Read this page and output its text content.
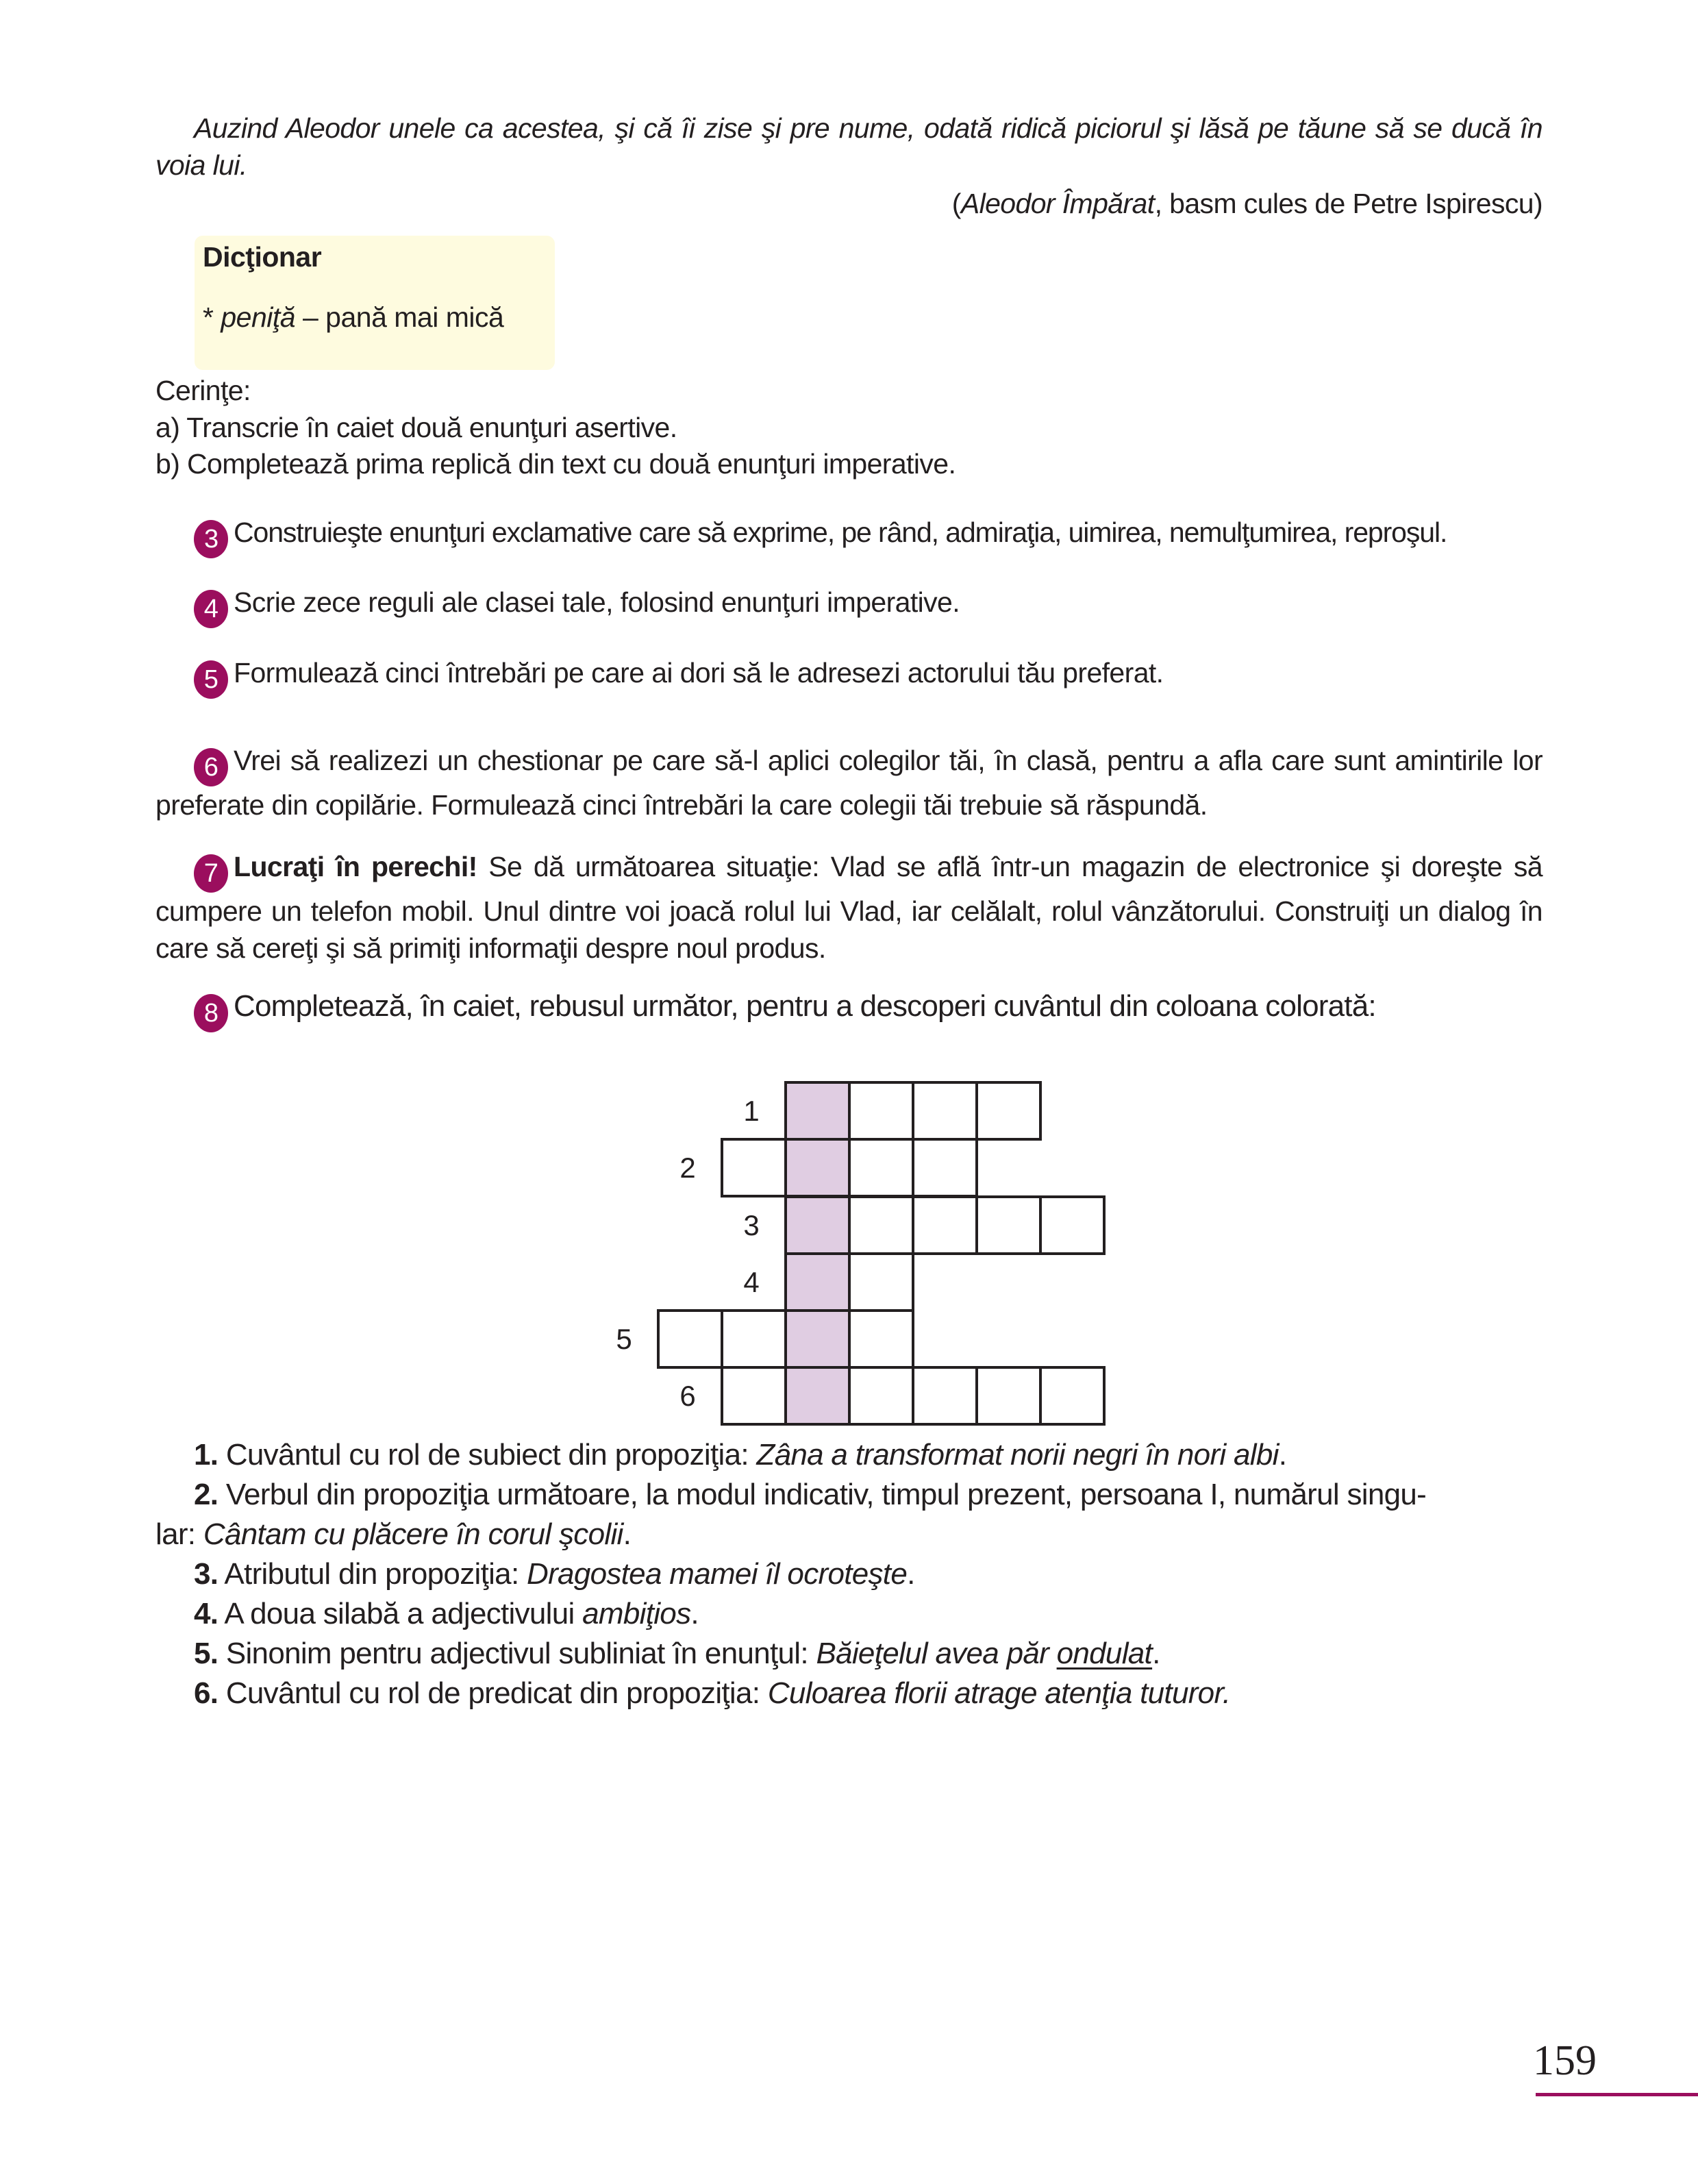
Auzind Aleodor unele ca acestea, şi că îi zise şi pre nume, odată ridică piciorul şi lăsă pe tăune să se ducă în voia lui.
(Aleodor Împărat, basm cules de Petre Ispirescu)
Dicţionar
* peniţă – pană mai mică
Cerinţe:
a) Transcrie în caiet două enunţuri asertive.
b) Completează prima replică din text cu două enunţuri imperative.
3 Construieşte enunţuri exclamative care să exprime, pe rând, admiraţia, uimirea, nemulţumirea, reproşul.
4 Scrie zece reguli ale clasei tale, folosind enunţuri imperative.
5 Formulează cinci întrebări pe care ai dori să le adresezi actorului tău preferat.
6 Vrei să realizezi un chestionar pe care să-l aplici colegilor tăi, în clasă, pentru a afla care sunt amintirile lor preferate din copilărie. Formulează cinci întrebări la care colegii tăi trebuie să răspundă.
7 Lucraţi în perechi! Se dă următoarea situaţie: Vlad se află într-un magazin de electronice şi doreşte să cumpere un telefon mobil. Unul dintre voi joacă rolul lui Vlad, iar celălalt, rolul vânzătorului. Construiţi un dialog în care să cereţi şi să primiţi informaţii despre noul produs.
8 Completează, în caiet, rebusul următor, pentru a descoperi cuvântul din coloana colorată:
1
2
3
4
5
6
1. Cuvântul cu rol de subiect din propoziţia: Zâna a transformat norii negri în nori albi.
2. Verbul din propoziţia următoare, la modul indicativ, timpul prezent, persoana I, numărul singu-
lar: Cântam cu plăcere în corul şcolii.
3. Atributul din propoziţia: Dragostea mamei îl ocroteşte.
4. A doua silabă a adjectivului ambiţios.
5. Sinonim pentru adjectivul subliniat în enunţul: Băieţelul avea păr ondulat.
6. Cuvântul cu rol de predicat din propoziţia: Culoarea florii atrage atenţia tuturor.
159
